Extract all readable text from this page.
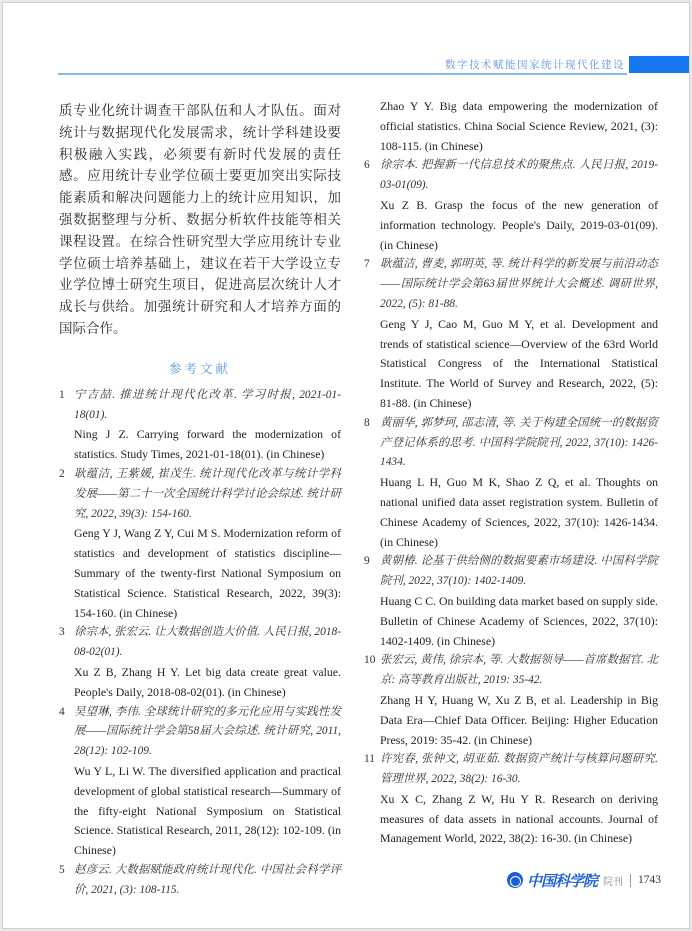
数字技术赋能国家统计现代化建设
质专业化统计调查干部队伍和人才队伍。面对统计与数据现代化发展需求，统计学科建设要积极融入实践，必须要有新时代发展的责任感。应用统计专业学位硕士要更加突出实际技能素质和解决问题能力上的统计应用知识，加强数据整理与分析、数据分析软件技能等相关课程设置。在综合性研究型大学应用统计专业学位硕士培养基础上，建议在若干大学设立专业学位博士研究生项目，促进高层次统计人才成长与供给。加强统计研究和人才培养方面的国际合作。
参考文献
1 宁吉喆. 推进统计现代化改革. 学习时报, 2021-01-18(01).
Ning J Z. Carrying forward the modernization of statistics. Study Times, 2021-01-18(01). (in Chinese)
2 耿蕴洁, 王紫媛, 崔茂生. 统计现代化改革与统计学科发展——第二十一次全国统计科学讨论会综述. 统计研究, 2022, 39(3): 154-160.
Geng Y J, Wang Z Y, Cui M S. Modernization reform of statistics and development of statistics discipline—Summary of the twenty-first National Symposium on Statistical Science. Statistical Research, 2022, 39(3): 154-160. (in Chinese)
3 徐宗本, 张宏云. 让大数据创造大价值. 人民日报, 2018-08-02(01).
Xu Z B, Zhang H Y. Let big data create great value. People's Daily, 2018-08-02(01). (in Chinese)
4 吴望琳, 李伟. 全球统计研究的多元化应用与实践性发展——国际统计学会第58届大会综述. 统计研究, 2011, 28(12): 102-109.
Wu Y L, Li W. The diversified application and practical development of global statistical research—Summary of the fifty-eight National Symposium on Statistical Science. Statistical Research, 2011, 28(12): 102-109. (in Chinese)
5 赵彦云. 大数据赋能政府统计现代化. 中国社会科学评价, 2021, (3): 108-115.
Zhao Y Y. Big data empowering the modernization of official statistics. China Social Science Review, 2021, (3): 108-115. (in Chinese)
6 徐宗本. 把握新一代信息技术的聚焦点. 人民日报, 2019-03-01(09).
Xu Z B. Grasp the focus of the new generation of information technology. People's Daily, 2019-03-01(09). (in Chinese)
7 耿蕴洁, 曹麦, 郭明英, 等. 统计科学的新发展与前沿动态——国际统计学会第63届世界统计大会概述. 调研世界, 2022, (5): 81-88.
Geng Y J, Cao M, Guo M Y, et al. Development and trends of statistical science—Overview of the 63rd World Statistical Congress of the International Statistical Institute. The World of Survey and Research, 2022, (5): 81-88. (in Chinese)
8 黄丽华, 郭梦珂, 邵志清, 等. 关于构建全国统一的数据资产登记体系的思考. 中国科学院院刊, 2022, 37(10): 1426-1434.
Huang L H, Guo M K, Shao Z Q, et al. Thoughts on national unified data asset registration system. Bulletin of Chinese Academy of Sciences, 2022, 37(10): 1426-1434. (in Chinese)
9 黄朝椿. 论基于供给侧的数据要素市场建设. 中国科学院院刊, 2022, 37(10): 1402-1409.
Huang C C. On building data market based on supply side. Bulletin of Chinese Academy of Sciences, 2022, 37(10): 1402-1409. (in Chinese)
10 张宏云, 黄伟, 徐宗本, 等. 大数据领导——首席数据官. 北京: 高等教育出版社, 2019: 35-42.
Zhang H Y, Huang W, Xu Z B, et al. Leadership in Big Data Era—Chief Data Officer. Beijing: Higher Education Press, 2019: 35-42. (in Chinese)
11 许宪春, 张钟文, 胡亚茹. 数据资产统计与核算问题研究. 管理世界, 2022, 38(2): 16-30.
Xu X C, Zhang Z W, Hu Y R. Research on deriving measures of data assets in national accounts. Journal of Management World, 2022, 38(2): 16-30. (in Chinese)
中国科学院 院刊 1743
